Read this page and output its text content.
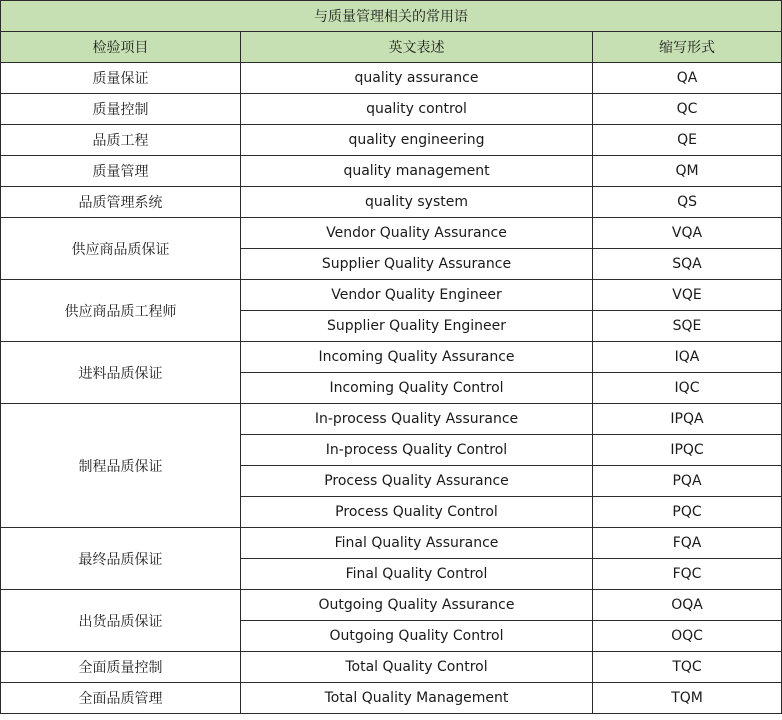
与质量管理相关的常用语		
检验项目	英文表述	缩写形式
质量保证	quality assurance	QA
质量控制	quality control	QC
品质工程	quality engineering	QE
质量管理	quality management	QM
品质管理系统	quality system	QS
供应商品质保证	Vendor Quality Assurance	VQA
	Supplier Quality Assurance	SQA
供应商品质工程师	Vendor Quality Engineer	VQE
	Supplier Quality Engineer	SQE
进料品质保证	Incoming Quality Assurance	IQA
	Incoming Quality Control	IQC
制程品质保证	In-process Quality Assurance	IPQA
	In-process Quality Control	IPQC
	Process Quality Assurance	PQA
	Process Quality Control	PQC
最终品质保证	Final Quality Assurance	FQA
	Final Quality Control	FQC
出货品质保证	Outgoing Quality Assurance	OQA
	Outgoing Quality Control	OQC
全面质量控制	Total Quality Control	TQC
全面品质管理	Total Quality Management	TQM
